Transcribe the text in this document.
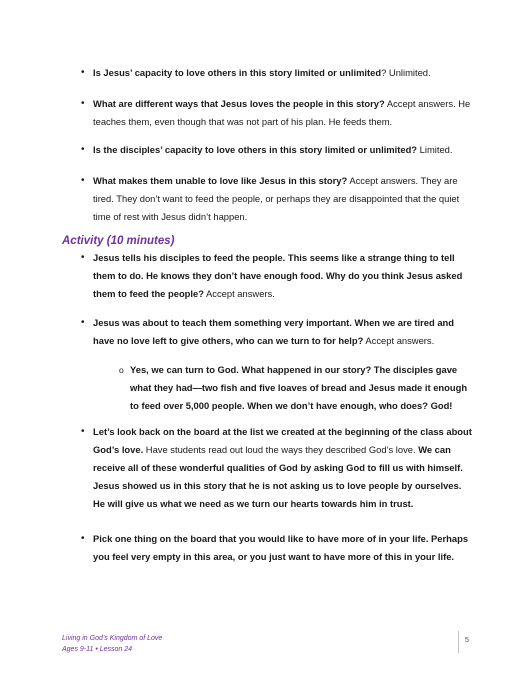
• Is Jesus’ capacity to love others in this story limited or unlimited? Unlimited.
• What are different ways that Jesus loves the people in this story? Accept answers. He teaches them, even though that was not part of his plan. He feeds them.
• Is the disciples’ capacity to love others in this story limited or unlimited? Limited.
• What makes them unable to love like Jesus in this story? Accept answers. They are tired. They don’t want to feed the people, or perhaps they are disappointed that the quiet time of rest with Jesus didn’t happen.
Activity (10 minutes)
• Jesus tells his disciples to feed the people. This seems like a strange thing to tell them to do. He knows they don’t have enough food. Why do you think Jesus asked them to feed the people? Accept answers.
• Jesus was about to teach them something very important. When we are tired and have no love left to give others, who can we turn to for help? Accept answers.
o Yes, we can turn to God. What happened in our story? The disciples gave what they had—two fish and five loaves of bread and Jesus made it enough to feed over 5,000 people. When we don’t have enough, who does? God!
• Let’s look back on the board at the list we created at the beginning of the class about God’s love. Have students read out loud the ways they described God’s love. We can receive all of these wonderful qualities of God by asking God to fill us with himself. Jesus showed us in this story that he is not asking us to love people by ourselves. He will give us what we need as we turn our hearts towards him in trust.
• Pick one thing on the board that you would like to have more of in your life. Perhaps you feel very empty in this area, or you just want to have more of this in your life.
Living in God’s Kingdom of Love
Ages 9-11 • Lesson 24
5
